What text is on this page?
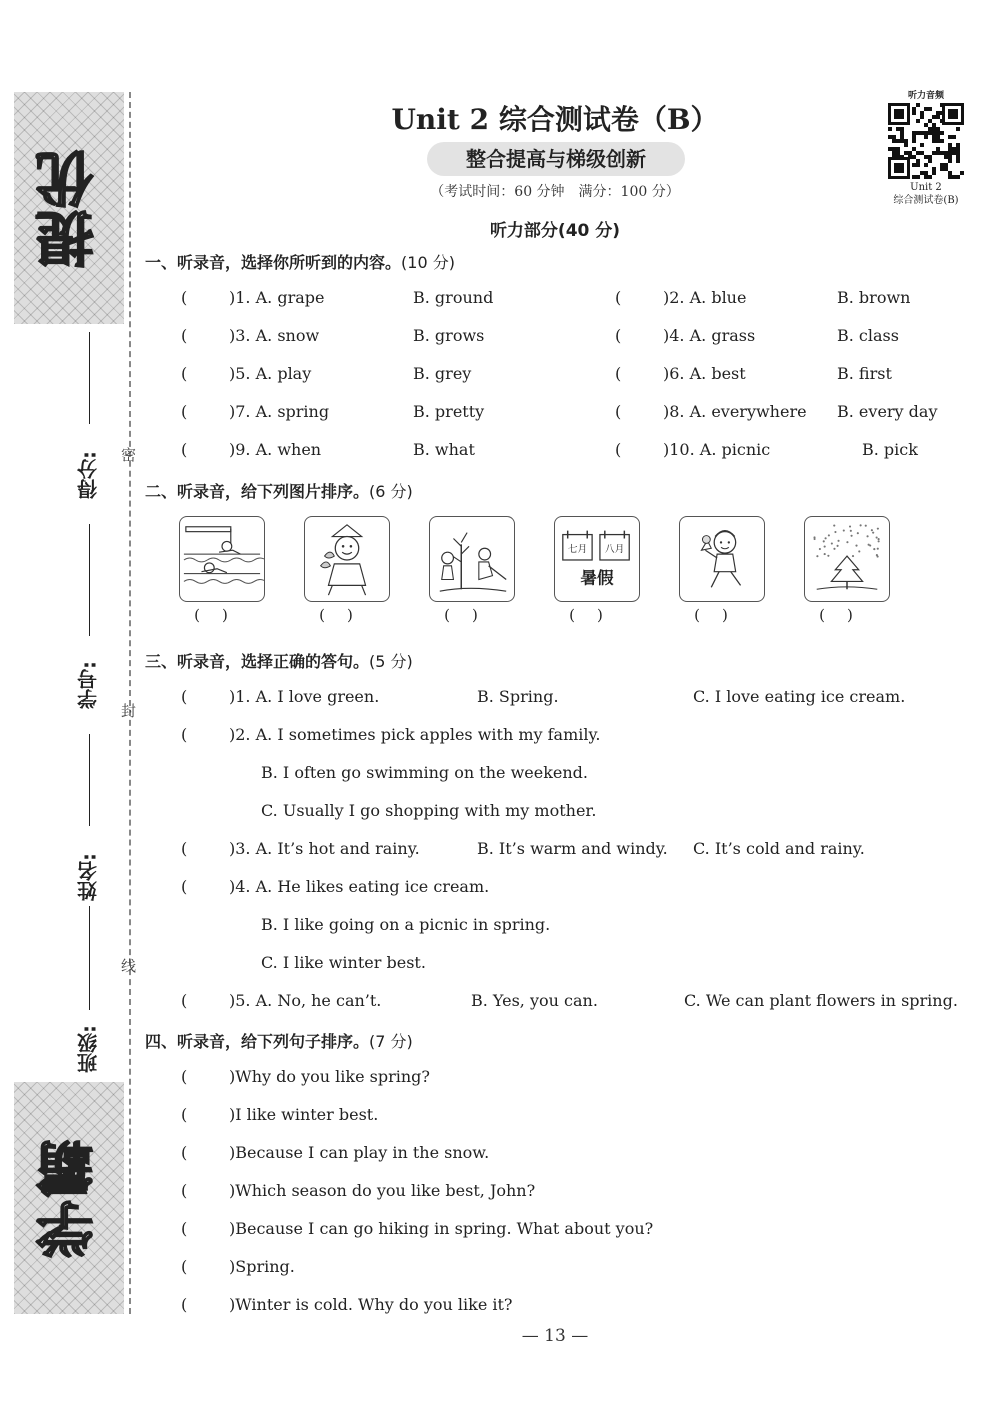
提优
学霸
密
封
线
得分:
学号:
姓名:
班级:
Unit 2 综合测试卷（B）
整合提高与梯级创新
（考试时间：60 分钟　满分：100 分）
听力音频
Unit 2
综合测试卷(B)
听力部分(40 分)
一、听录音，选择你所听到的内容。(10 分)
(	)1. A. grape	B. ground	(	)2. A. blue	B. brown
(	)3. A. snow	B. grows	(	)4. A. grass	B. class
(	)5. A. play	B. grey	(	)6. A. best	B. first
(	)7. A. spring	B. pretty	(	)8. A. everywhere B. every day
(	)9. A. when	B. what	(	)10. A. picnic	B. pick
二、听录音，给下列图片排序。(6 分)
()	()	()
七月 八月
暑假
()	()	()
三、听录音，选择正确的答句。(5 分)
(	)1. A. I love green.	B. Spring.	C. I love eating ice cream.
(	)2. A. I sometimes pick apples with my family.
B. I often go swimming on the weekend.
C. Usually I go shopping with my mother.
(	)3. A. It’s hot and rainy.	B. It’s warm and windy. C. It’s cold and rainy.
(	)4. A. He likes eating ice cream.
B. I like going on a picnic in spring.
C. I like winter best.
(	)5. A. No, he can’t.	B. Yes, you can.	C. We can plant flowers in spring.
四、听录音，给下列句子排序。(7 分)
(	)Why do you like spring?
(	)I like winter best.
(	)Because I can play in the snow.
(	)Which season do you like best, John?
(	)Because I can go hiking in spring. What about you?
(	)Spring.
(	)Winter is cold. Why do you like it?
— 13 —
